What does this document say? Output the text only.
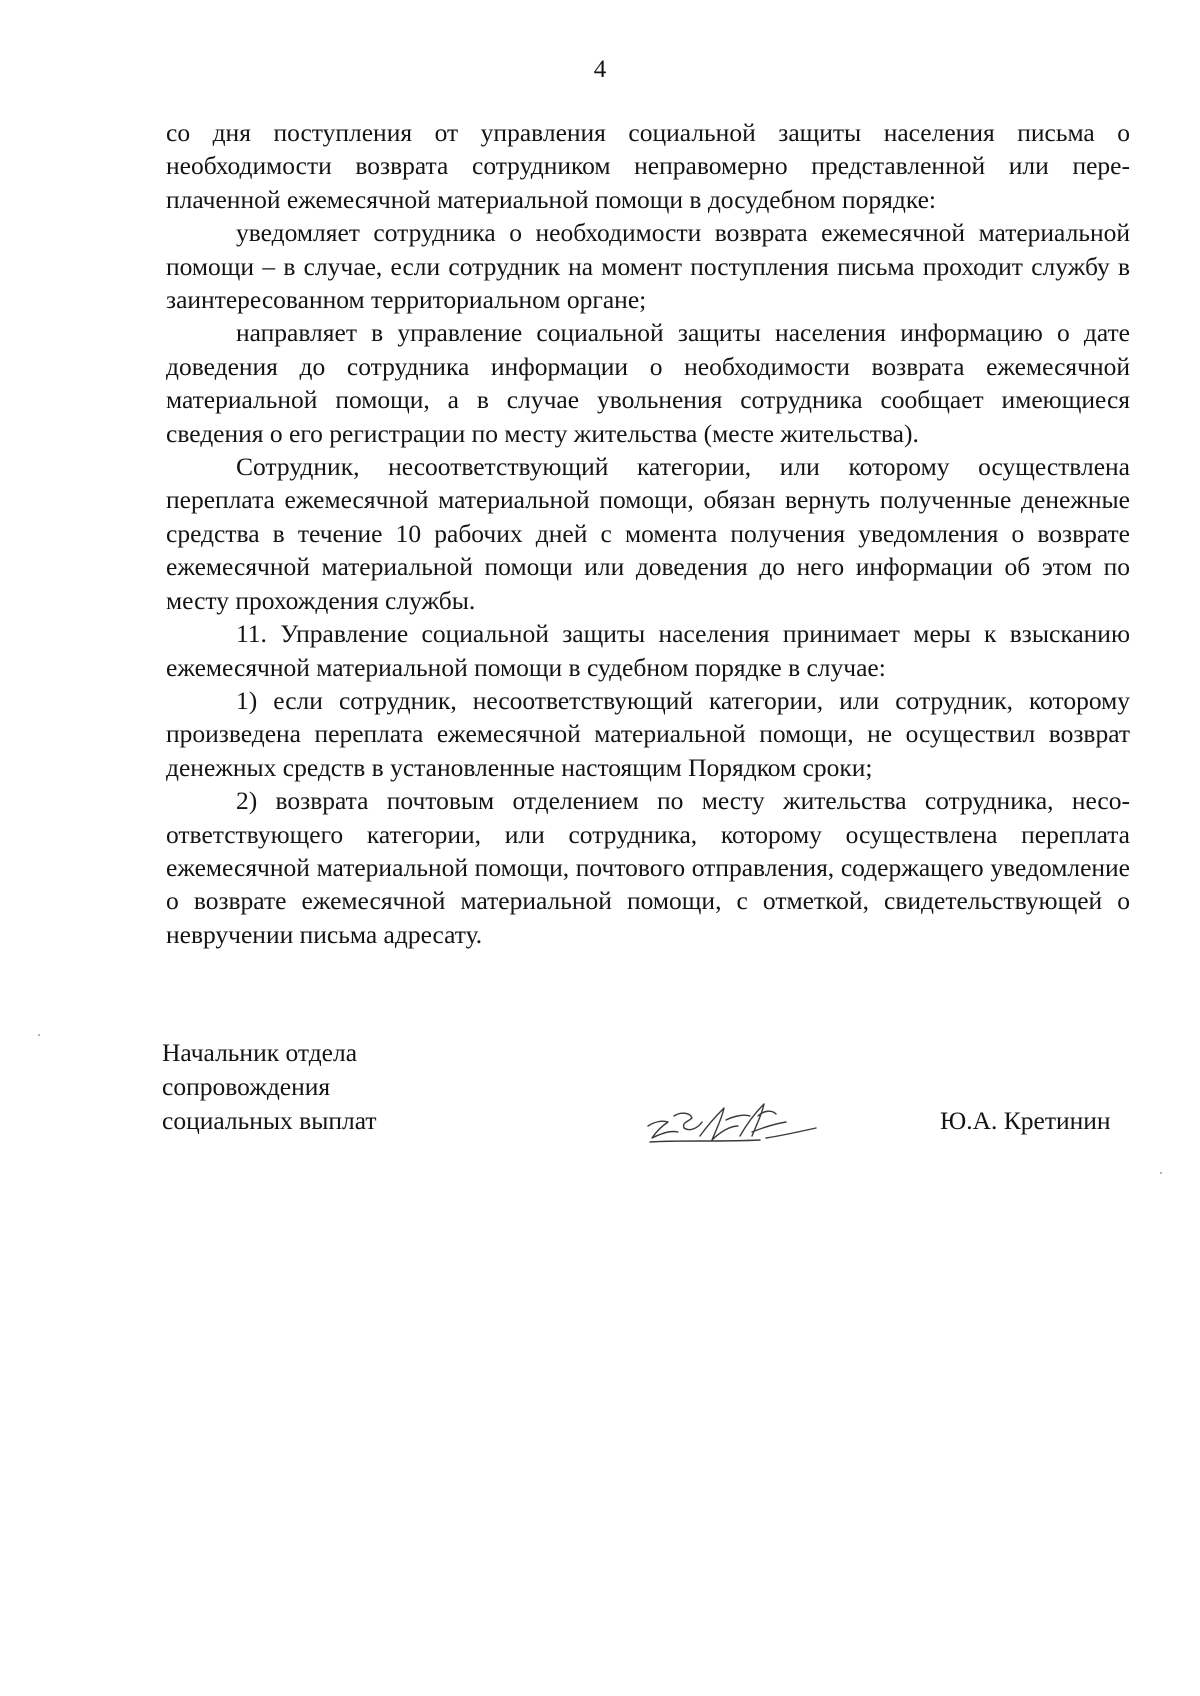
4

со дня поступления от управления социальной защиты населения письма о необходимости возврата сотрудником неправомерно представленной или переплаченной ежемесячной материальной помощи в досудебном порядке:

уведомляет сотрудника о необходимости возврата ежемесячной материальной помощи – в случае, если сотрудник на момент поступления письма проходит службу в заинтересованном территориальном органе;

направляет в управление социальной защиты населения информацию о дате доведения до сотрудника информации о необходимости возврата ежемесячной материальной помощи, а в случае увольнения сотрудника сообщает имеющиеся сведения о его регистрации по месту жительства (месте жительства).

Сотрудник, несоответствующий категории, или которому осуществлена переплата ежемесячной материальной помощи, обязан вернуть полученные денежные средства в течение 10 рабочих дней с момента получения уведомления о возврате ежемесячной материальной помощи или доведения до него информации об этом по месту прохождения службы.

11. Управление социальной защиты населения принимает меры к взысканию ежемесячной материальной помощи в судебном порядке в случае:

1) если сотрудник, несоответствующий категории, или сотрудник, которому произведена переплата ежемесячной материальной помощи, не осуществил возврат денежных средств в установленные настоящим Порядком сроки;

2) возврата почтовым отделением по месту жительства сотрудника, несоответствующего категории, или сотрудника, которому осуществлена переплата ежемесячной материальной помощи, почтового отправления, содержащего уведомление о возврате ежемесячной материальной помощи, с отметкой, свидетельствующей о невручении письма адресату.

Начальник отдела
сопровождения
социальных выплат	Ю.А. Кретинин
